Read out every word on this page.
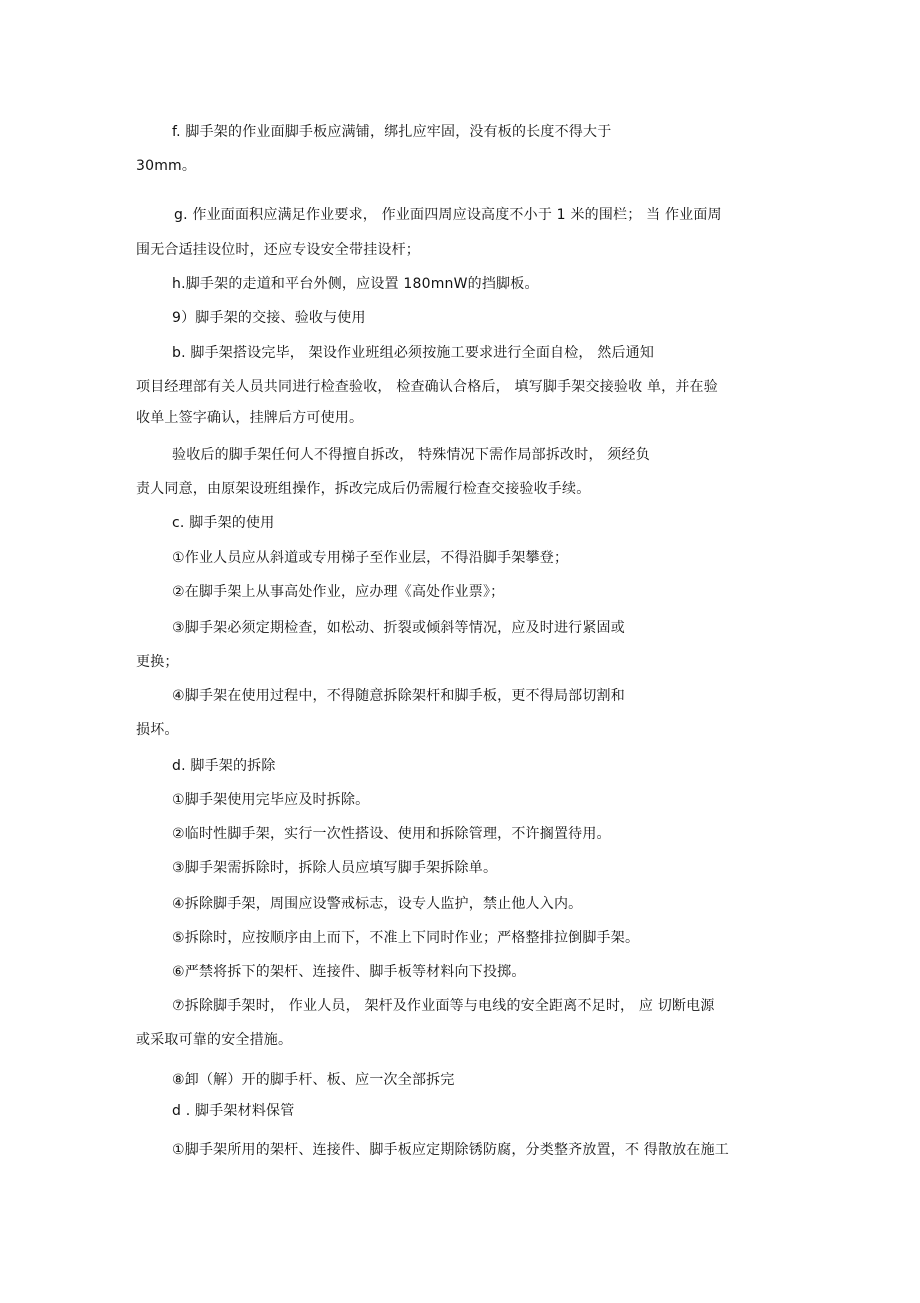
f. 脚手架的作业面脚手板应满铺，绑扎应牢固，没有板的长度不得大于
30mm。
g. 作业面面积应满足作业要求， 作业面四周应设高度不小于 1 米的围栏； 当 作业面周
围无合适挂设位时，还应专设安全带挂设杆；
h.脚手架的走道和平台外侧，应设置 180mnW的挡脚板。
9）脚手架的交接、验收与使用
b. 脚手架搭设完毕， 架设作业班组必须按施工要求进行全面自检， 然后通知
项目经理部有关人员共同进行检查验收， 检查确认合格后， 填写脚手架交接验收 单，并在验
收单上签字确认，挂牌后方可使用。
验收后的脚手架任何人不得擅自拆改， 特殊情况下需作局部拆改时， 须经负
责人同意，由原架设班组操作，拆改完成后仍需履行检查交接验收手续。
c. 脚手架的使用
①作业人员应从斜道或专用梯子至作业层，不得沿脚手架攀登；
②在脚手架上从事高处作业，应办理《高处作业票》；
③脚手架必须定期检查，如松动、折裂或倾斜等情况，应及时进行紧固或
更换；
④脚手架在使用过程中，不得随意拆除架杆和脚手板，更不得局部切割和
损坏。
d. 脚手架的拆除
①脚手架使用完毕应及时拆除。
②临时性脚手架，实行一次性搭设、使用和拆除管理，不许搁置待用。
③脚手架需拆除时，拆除人员应填写脚手架拆除单。
④拆除脚手架，周围应设警戒标志，设专人监护，禁止他人入内。
⑤拆除时，应按顺序由上而下，不准上下同时作业；严格整排拉倒脚手架。
⑥严禁将拆下的架杆、连接件、脚手板等材料向下投掷。
⑦拆除脚手架时， 作业人员， 架杆及作业面等与电线的安全距离不足时， 应 切断电源
或采取可靠的安全措施。
⑧卸（解）开的脚手杆、板、应一次全部拆完
d . 脚手架材料保管
①脚手架所用的架杆、连接件、脚手板应定期除锈防腐，分类整齐放置，不 得散放在施工
